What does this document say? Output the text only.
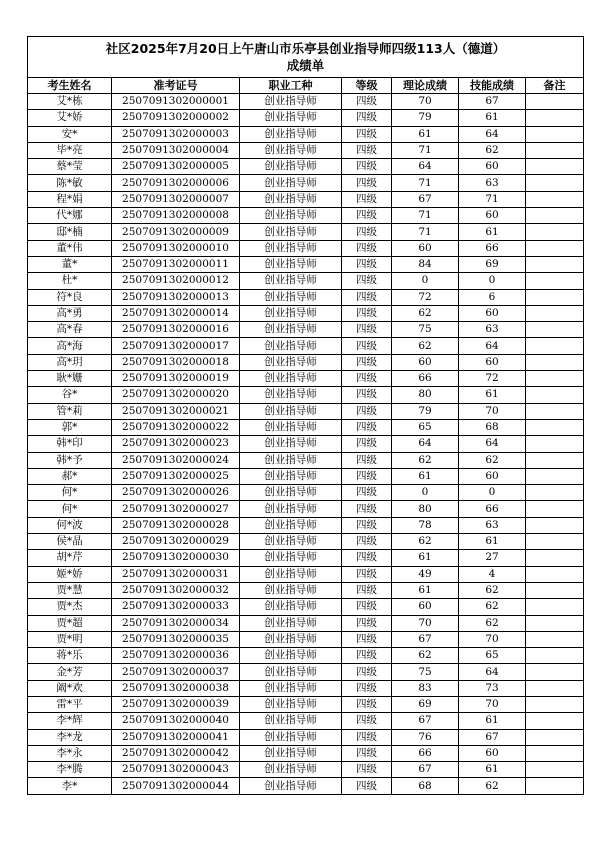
社区2025年7月20日上午唐山市乐亭县创业指导师四级113人（德道）
成绩单						

考生姓名	准考证号	职业工种	等级	理论成绩	技能成绩	备注
艾*栋	2507091302000001	创业指导师	四级	70	67	
艾*娇	2507091302000002	创业指导师	四级	79	61	
安*	2507091302000003	创业指导师	四级	61	64	
毕*亮	2507091302000004	创业指导师	四级	71	62	
蔡*莹	2507091302000005	创业指导师	四级	64	60	
陈*敏	2507091302000006	创业指导师	四级	71	63	
程*娟	2507091302000007	创业指导师	四级	67	71	
代*娜	2507091302000008	创业指导师	四级	71	60	
邸*楠	2507091302000009	创业指导师	四级	71	61	
董*伟	2507091302000010	创业指导师	四级	60	66	
董*	2507091302000011	创业指导师	四级	84	69	
杜*	2507091302000012	创业指导师	四级	0	0	
符*良	2507091302000013	创业指导师	四级	72	6	
高*勇	2507091302000014	创业指导师	四级	62	60	
高*春	2507091302000016	创业指导师	四级	75	63	
高*海	2507091302000017	创业指导师	四级	62	64	
高*玥	2507091302000018	创业指导师	四级	60	60	
耿*姗	2507091302000019	创业指导师	四级	66	72	
谷*	2507091302000020	创业指导师	四级	80	61	
管*莉	2507091302000021	创业指导师	四级	79	70	
郭*	2507091302000022	创业指导师	四级	65	68	
韩*印	2507091302000023	创业指导师	四级	64	64	
韩*予	2507091302000024	创业指导师	四级	62	62	
郝*	2507091302000025	创业指导师	四级	61	60	
何*	2507091302000026	创业指导师	四级	0	0	
何*	2507091302000027	创业指导师	四级	80	66	
何*波	2507091302000028	创业指导师	四级	78	63	
侯*晶	2507091302000029	创业指导师	四级	62	61	
胡*芹	2507091302000030	创业指导师	四级	61	27	
姬*娇	2507091302000031	创业指导师	四级	49	4	
贾*慧	2507091302000032	创业指导师	四级	61	62	
贾*杰	2507091302000033	创业指导师	四级	60	62	
贾*超	2507091302000034	创业指导师	四级	70	62	
贾*明	2507091302000035	创业指导师	四级	67	70	
蒋*乐	2507091302000036	创业指导师	四级	62	65	
金*芳	2507091302000037	创业指导师	四级	75	64	
阚*欢	2507091302000038	创业指导师	四级	83	73	
雷*平	2507091302000039	创业指导师	四级	69	70	
李*辉	2507091302000040	创业指导师	四级	67	61	
李*龙	2507091302000041	创业指导师	四级	76	67	
李*永	2507091302000042	创业指导师	四级	66	60	
李*腾	2507091302000043	创业指导师	四级	67	61	
李*	2507091302000044	创业指导师	四级	68	62	
